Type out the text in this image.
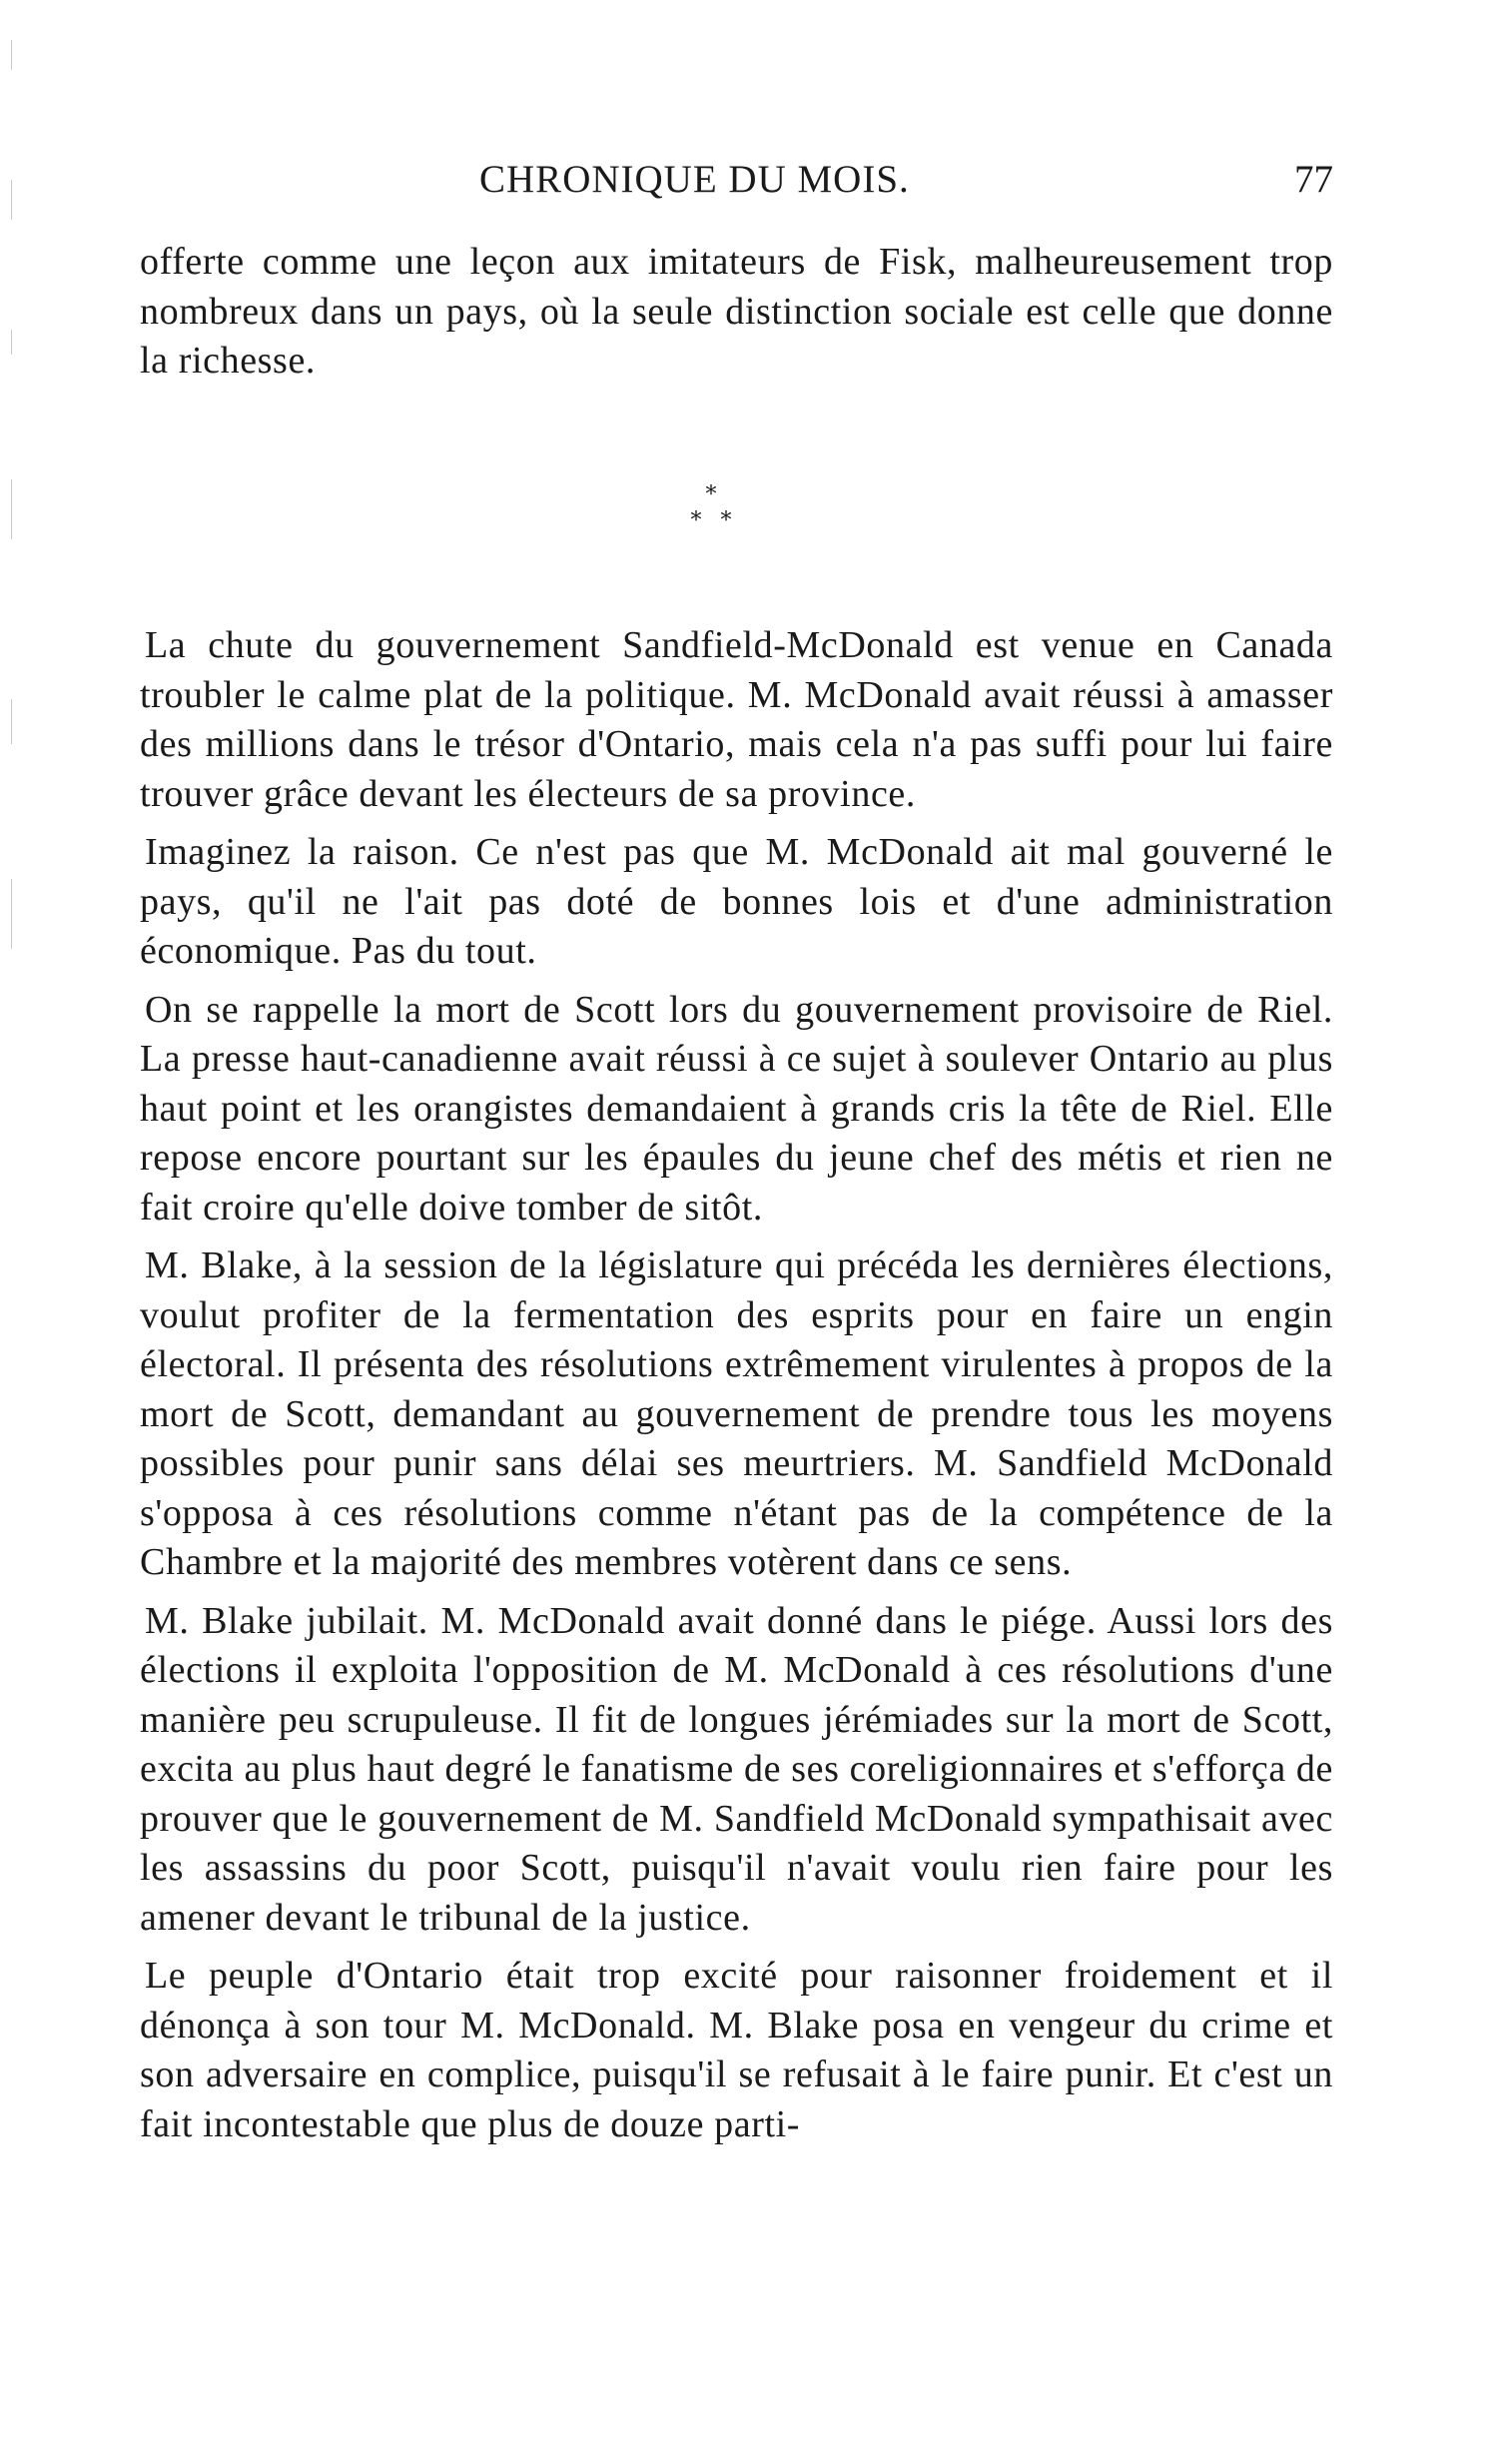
CHRONIQUE DU MOIS.	77

offerte comme une leçon aux imitateurs de Fisk, malheureusement trop nombreux dans un pays, où la seule distinction sociale est celle que donne la richesse.

*
* *

La chute du gouvernement Sandfield-McDonald est venue en Canada troubler le calme plat de la politique. M. McDonald avait réussi à amasser des millions dans le trésor d'Ontario, mais cela n'a pas suffi pour lui faire trouver grâce devant les électeurs de sa province.

Imaginez la raison. Ce n'est pas que M. McDonald ait mal gouverné le pays, qu'il ne l'ait pas doté de bonnes lois et d'une administration économique. Pas du tout.

On se rappelle la mort de Scott lors du gouvernement provisoire de Riel. La presse haut-canadienne avait réussi à ce sujet à soulever Ontario au plus haut point et les orangistes demandaient à grands cris la tête de Riel. Elle repose encore pourtant sur les épaules du jeune chef des métis et rien ne fait croire qu'elle doive tomber de sitôt.

M. Blake, à la session de la législature qui précéda les dernières élections, voulut profiter de la fermentation des esprits pour en faire un engin électoral. Il présenta des résolutions extrêmement virulentes à propos de la mort de Scott, demandant au gouvernement de prendre tous les moyens possibles pour punir sans délai ses meurtriers. M. Sandfield McDonald s'opposa à ces résolutions comme n'étant pas de la compétence de la Chambre et la majorité des membres votèrent dans ce sens.

M. Blake jubilait. M. McDonald avait donné dans le piége. Aussi lors des élections il exploita l'opposition de M. McDonald à ces résolutions d'une manière peu scrupuleuse. Il fit de longues jérémiades sur la mort de Scott, excita au plus haut degré le fanatisme de ses coreligionnaires et s'efforça de prouver que le gouvernement de M. Sandfield McDonald sympathisait avec les assassins du poor Scott, puisqu'il n'avait voulu rien faire pour les amener devant le tribunal de la justice.

Le peuple d'Ontario était trop excité pour raisonner froidement et il dénonça à son tour M. McDonald. M. Blake posa en vengeur du crime et son adversaire en complice, puisqu'il se refusait à le faire punir. Et c'est un fait incontestable que plus de douze parti-
